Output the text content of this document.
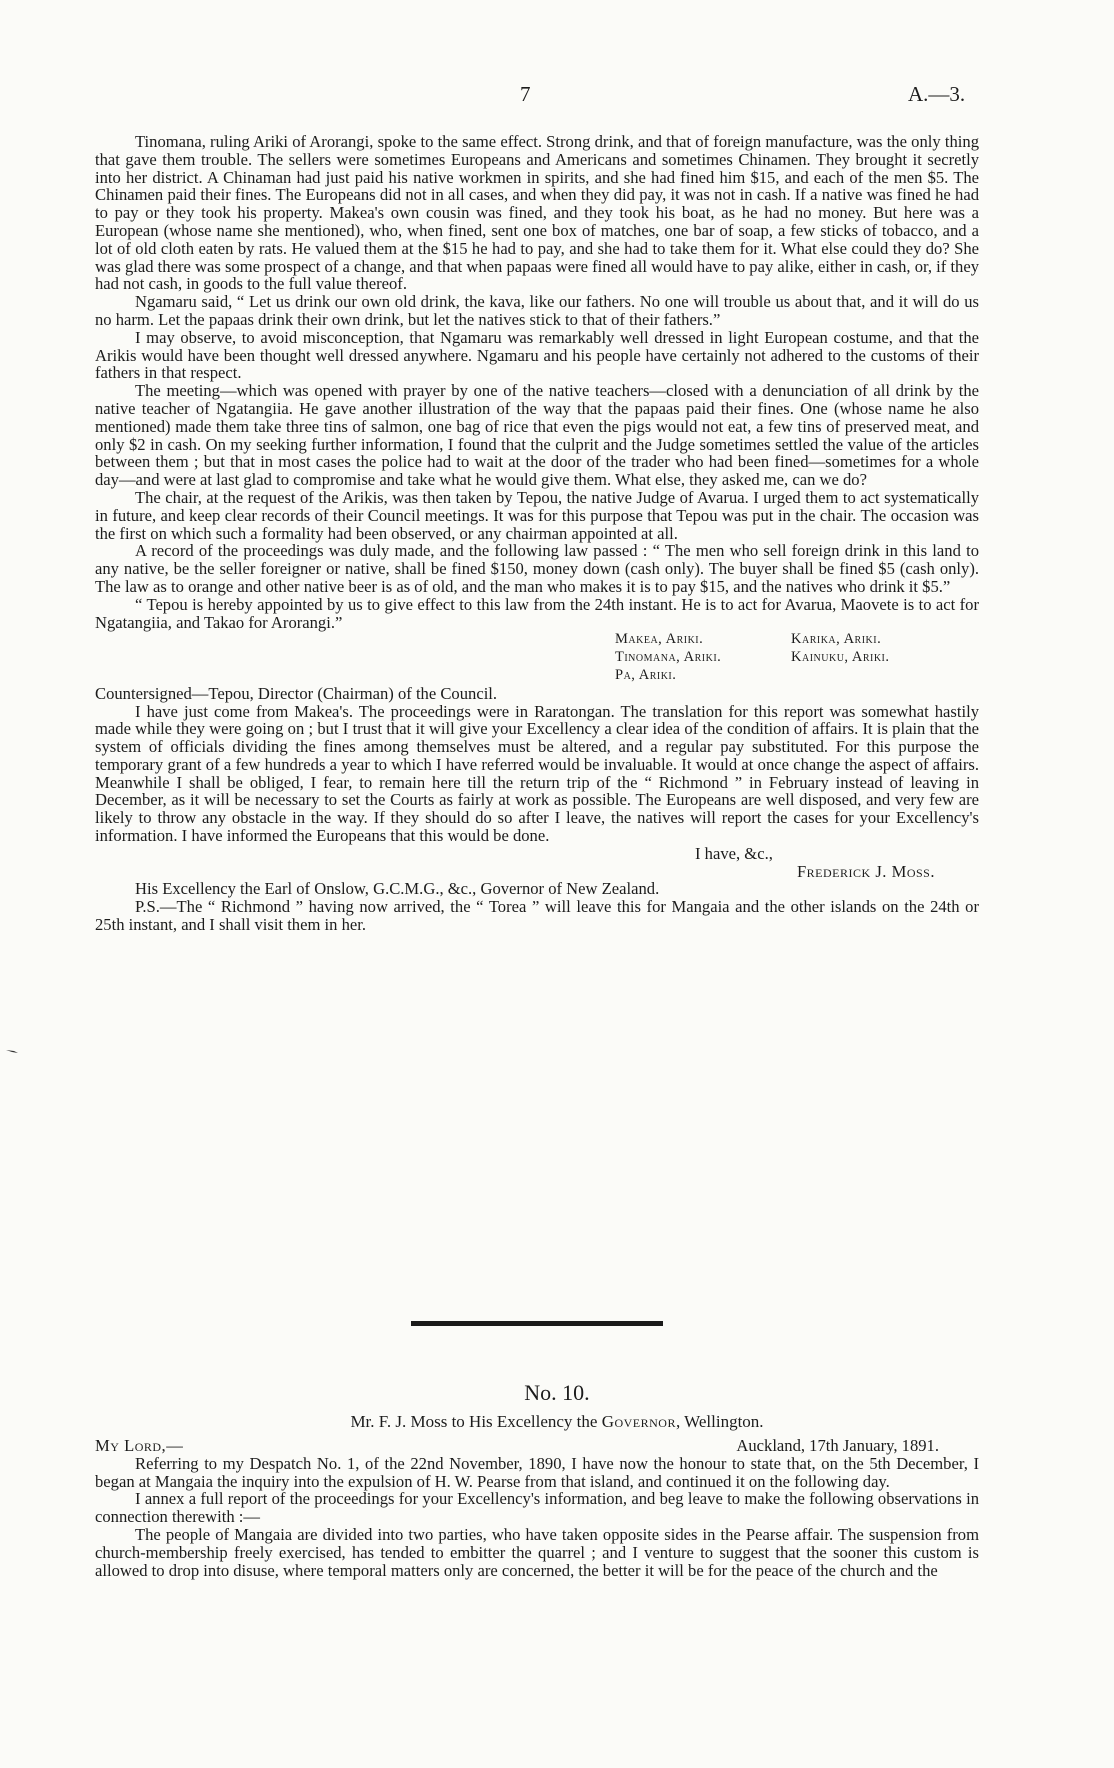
7	A.—3.

Tinomana, ruling Ariki of Arorangi, spoke to the same effect. Strong drink, and that of foreign manufacture, was the only thing that gave them trouble. The sellers were sometimes Europeans and Americans and sometimes Chinamen. They brought it secretly into her district. A Chinaman had just paid his native workmen in spirits, and she had fined him $15, and each of the men $5. The Chinamen paid their fines. The Europeans did not in all cases, and when they did pay, it was not in cash. If a native was fined he had to pay or they took his property. Makea's own cousin was fined, and they took his boat, as he had no money. But here was a European (whose name she mentioned), who, when fined, sent one box of matches, one bar of soap, a few sticks of tobacco, and a lot of old cloth eaten by rats. He valued them at the $15 he had to pay, and she had to take them for it. What else could they do? She was glad there was some prospect of a change, and that when papaas were fined all would have to pay alike, either in cash, or, if they had not cash, in goods to the full value thereof.

Ngamaru said, “ Let us drink our own old drink, the kava, like our fathers. No one will trouble us about that, and it will do us no harm. Let the papaas drink their own drink, but let the natives stick to that of their fathers.”

I may observe, to avoid misconception, that Ngamaru was remarkably well dressed in light European costume, and that the Arikis would have been thought well dressed anywhere. Ngamaru and his people have certainly not adhered to the customs of their fathers in that respect.

The meeting—which was opened with prayer by one of the native teachers—closed with a denunciation of all drink by the native teacher of Ngatangiia. He gave another illustration of the way that the papaas paid their fines. One (whose name he also mentioned) made them take three tins of salmon, one bag of rice that even the pigs would not eat, a few tins of preserved meat, and only $2 in cash. On my seeking further information, I found that the culprit and the Judge sometimes settled the value of the articles between them ; but that in most cases the police had to wait at the door of the trader who had been fined—sometimes for a whole day—and were at last glad to compromise and take what he would give them. What else, they asked me, can we do?

The chair, at the request of the Arikis, was then taken by Tepou, the native Judge of Avarua. I urged them to act systematically in future, and keep clear records of their Council meetings. It was for this purpose that Tepou was put in the chair. The occasion was the first on which such a formality had been observed, or any chairman appointed at all.

A record of the proceedings was duly made, and the following law passed : “ The men who sell foreign drink in this land to any native, be the seller foreigner or native, shall be fined $150, money down (cash only). The buyer shall be fined $5 (cash only). The law as to orange and other native beer is as of old, and the man who makes it is to pay $15, and the natives who drink it $5.”

“ Tepou is hereby appointed by us to give effect to this law from the 24th instant. He is to act for Avarua, Maovete is to act for Ngatangiia, and Takao for Arorangi.”

Makea, Ariki.	Karika, Ariki.
Tinomana, Ariki.	Kainuku, Ariki.
Pa, Ariki.

Countersigned—Tepou, Director (Chairman) of the Council.

I have just come from Makea's. The proceedings were in Raratongan. The translation for this report was somewhat hastily made while they were going on ; but I trust that it will give your Excellency a clear idea of the condition of affairs. It is plain that the system of officials dividing the fines among themselves must be altered, and a regular pay substituted. For this purpose the temporary grant of a few hundreds a year to which I have referred would be invaluable. It would at once change the aspect of affairs. Meanwhile I shall be obliged, I fear, to remain here till the return trip of the “ Richmond ” in February instead of leaving in December, as it will be necessary to set the Courts as fairly at work as possible. The Europeans are well disposed, and very few are likely to throw any obstacle in the way. If they should do so after I leave, the natives will report the cases for your Excellency's information. I have informed the Europeans that this would be done.

I have, &c.,

Frederick J. Moss.

His Excellency the Earl of Onslow, G.C.M.G., &c., Governor of New Zealand.

P.S.—The “ Richmond ” having now arrived, the “ Torea ” will leave this for Mangaia and the other islands on the 24th or 25th instant, and I shall visit them in her.

No. 10.
Mr. F. J. Moss to His Excellency the Governor, Wellington.
My Lord,—	Auckland, 17th January, 1891.

Referring to my Despatch No. 1, of the 22nd November, 1890, I have now the honour to state that, on the 5th December, I began at Mangaia the inquiry into the expulsion of H. W. Pearse from that island, and continued it on the following day.

I annex a full report of the proceedings for your Excellency's information, and beg leave to make the following observations in connection therewith :—

The people of Mangaia are divided into two parties, who have taken opposite sides in the Pearse affair. The suspension from church-membership freely exercised, has tended to embitter the quarrel ; and I venture to suggest that the sooner this custom is allowed to drop into disuse, where temporal matters only are concerned, the better it will be for the peace of the church and the
